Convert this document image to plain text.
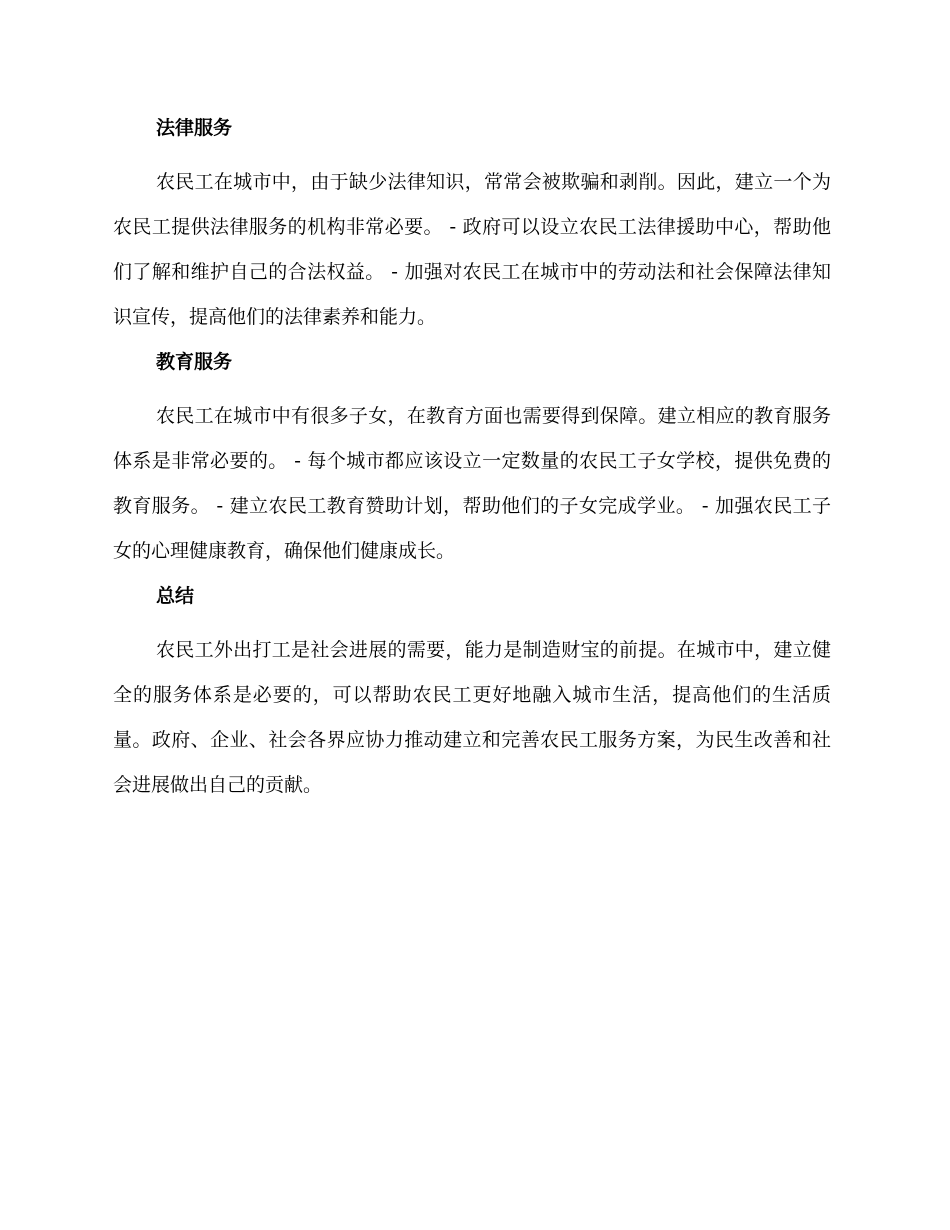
法律服务

农民工在城市中，由于缺少法律知识，常常会被欺骗和剥削。因此，建立一个为农民工提供法律服务的机构非常必要。 - 政府可以设立农民工法律援助中心，帮助他们了解和维护自己的合法权益。 - 加强对农民工在城市中的劳动法和社会保障法律知识宣传，提高他们的法律素养和能力。

教育服务

农民工在城市中有很多子女，在教育方面也需要得到保障。建立相应的教育服务体系是非常必要的。 - 每个城市都应该设立一定数量的农民工子女学校，提供免费的教育服务。 - 建立农民工教育赞助计划，帮助他们的子女完成学业。 - 加强农民工子女的心理健康教育，确保他们健康成长。

总结

农民工外出打工是社会进展的需要，能力是制造财宝的前提。在城市中，建立健全的服务体系是必要的，可以帮助农民工更好地融入城市生活，提高他们的生活质量。政府、企业、社会各界应协力推动建立和完善农民工服务方案，为民生改善和社会进展做出自己的贡献。
